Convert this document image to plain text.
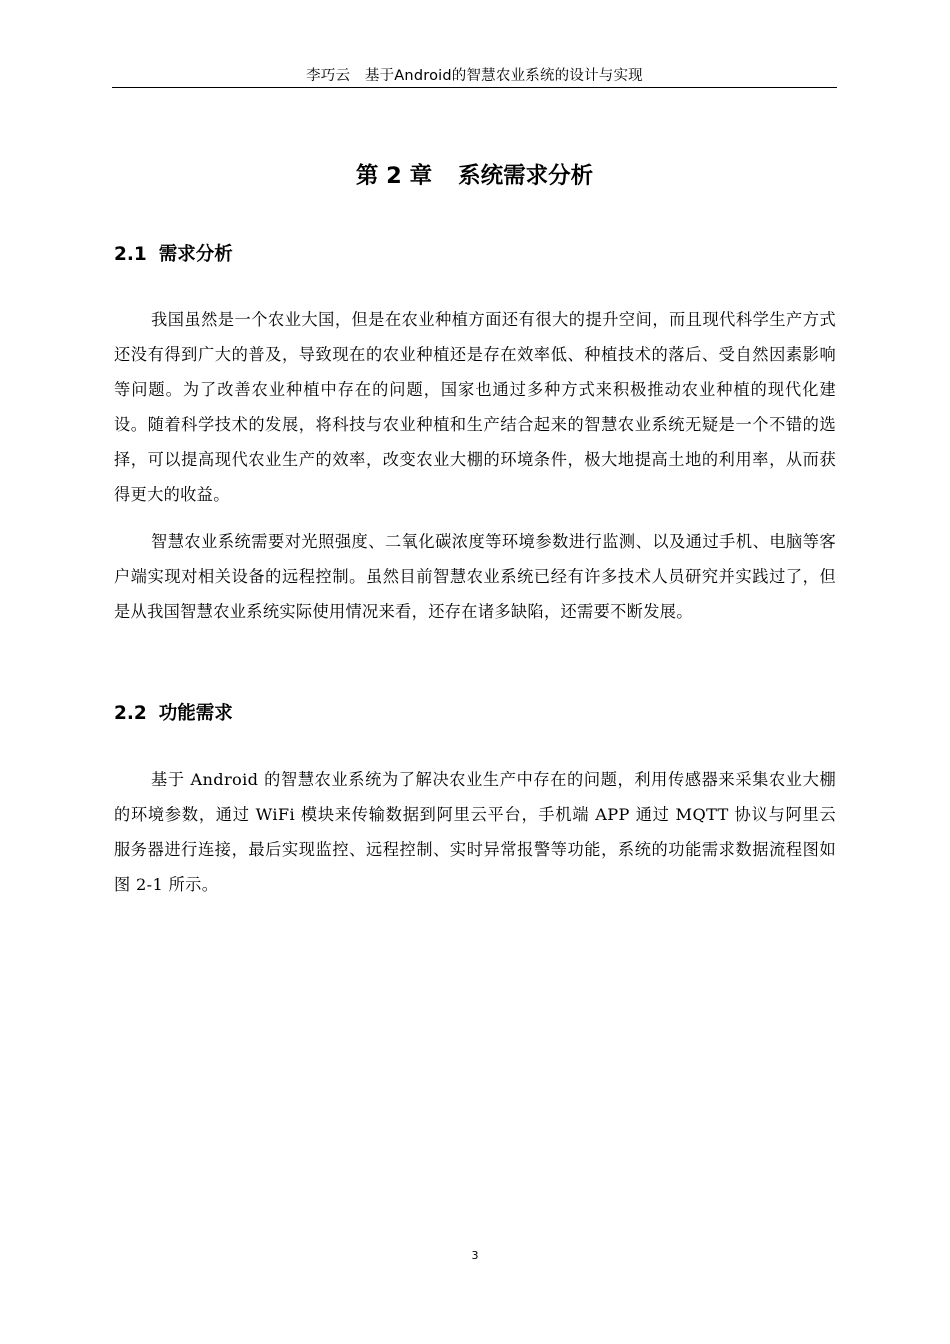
李巧云　基于Android的智慧农业系统的设计与实现
第 2 章 系统需求分析
2.1 需求分析

我国虽然是一个农业大国，但是在农业种植方面还有很大的提升空间，而且现代科学生产方式还没有得到广大的普及，导致现在的农业种植还是存在效率低、种植技术的落后、受自然因素影响等问题。为了改善农业种植中存在的问题，国家也通过多种方式来积极推动农业种植的现代化建设。随着科学技术的发展，将科技与农业种植和生产结合起来的智慧农业系统无疑是一个不错的选择，可以提高现代农业生产的效率，改变农业大棚的环境条件，极大地提高土地的利用率，从而获得更大的收益。

智慧农业系统需要对光照强度、二氧化碳浓度等环境参数进行监测、以及通过手机、电脑等客户端实现对相关设备的远程控制。虽然目前智慧农业系统已经有许多技术人员研究并实践过了，但是从我国智慧农业系统实际使用情况来看，还存在诸多缺陷，还需要不断发展。

2.2 功能需求

基于 Android 的智慧农业系统为了解决农业生产中存在的问题，利用传感器来采集农业大棚的环境参数，通过 WiFi 模块来传输数据到阿里云平台，手机端 APP 通过 MQTT 协议与阿里云服务器进行连接，最后实现监控、远程控制、实时异常报警等功能，系统的功能需求数据流程图如图 2-1 所示。

3
